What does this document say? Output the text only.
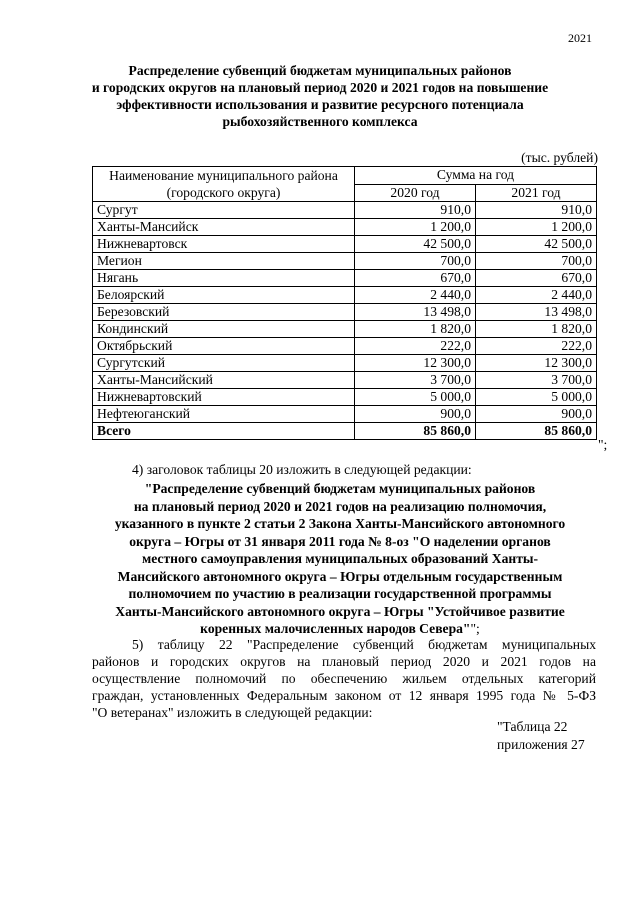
2021
Распределение субвенций бюджетам муниципальных районов
и городских округов на плановый период 2020 и 2021 годов на повышение
эффективности использования и развитие ресурсного потенциала
рыбохозяйственного комплекса
(тыс. рублей)
Наименование муниципального района (городского округа)	Сумма на год	
	2020 год	2021 год
Сургут	910,0	910,0
Ханты-Мансийск	1 200,0	1 200,0
Нижневартовск	42 500,0	42 500,0
Мегион	700,0	700,0
Нягань	670,0	670,0
Белоярский	2 440,0	2 440,0
Березовский	13 498,0	13 498,0
Кондинский	1 820,0	1 820,0
Октябрьский	222,0	222,0
Сургутский	12 300,0	12 300,0
Ханты-Мансийский	3 700,0	3 700,0
Нижневартовский	5 000,0	5 000,0
Нефтеюганский	900,0	900,0
Всего	85 860,0	85 860,0
";
4) заголовок таблицы 20 изложить в следующей редакции:
"Распределение субвенций бюджетам муниципальных районов
на плановый период 2020 и 2021 годов на реализацию полномочия,
указанного в пункте 2 статьи 2 Закона Ханты-Мансийского автономного
округа – Югры от 31 января 2011 года № 8-оз "О наделении органов
местного самоуправления муниципальных образований Ханты-
Мансийского автономного округа – Югры отдельным государственным
полномочием по участию в реализации государственной программы
Ханты-Мансийского автономного округа – Югры "Устойчивое развитие
коренных малочисленных народов Севера"";
5) таблицу 22 "Распределение субвенций бюджетам муниципальных
районов и городских округов на плановый период 2020 и 2021 годов на
осуществление полномочий по обеспечению жильем отдельных категорий
граждан, установленных Федеральным законом от 12 января 1995 года № 5-ФЗ
"О ветеранах" изложить в следующей редакции:
"Таблица 22
приложения 27
